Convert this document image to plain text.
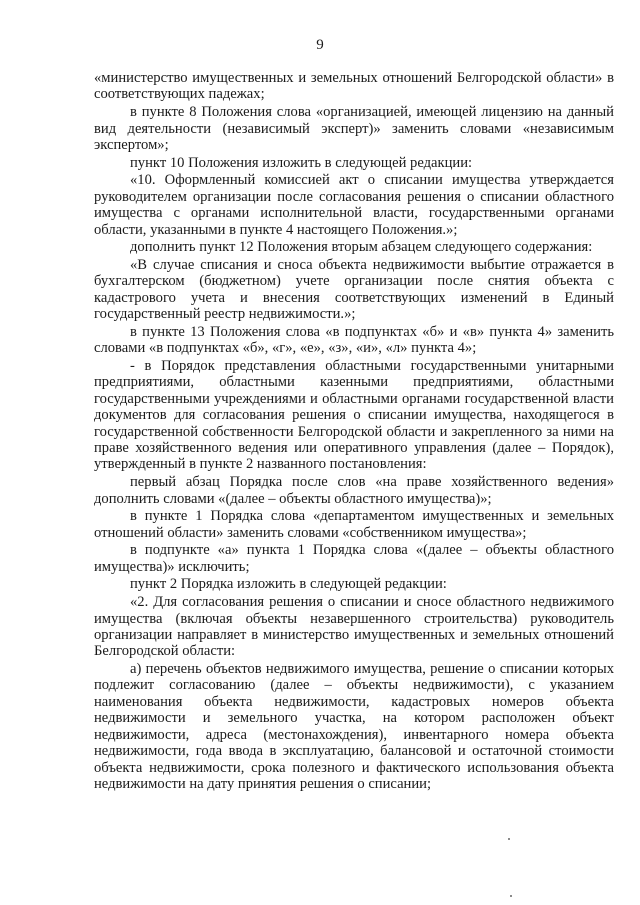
9

«министерство имущественных и земельных отношений Белгородской области» в соответствующих падежах;

в пункте 8 Положения слова «организацией, имеющей лицензию на данный вид деятельности (независимый эксперт)» заменить словами «независимым экспертом»;

пункт 10 Положения изложить в следующей редакции:

«10. Оформленный комиссией акт о списании имущества утверждается руководителем организации после согласования решения о списании областного имущества с органами исполнительной власти, государственными органами области, указанными в пункте 4 настоящего Положения.»;

дополнить пункт 12 Положения вторым абзацем следующего содержания:

«В случае списания и сноса объекта недвижимости выбытие отражается в бухгалтерском (бюджетном) учете организации после снятия объекта с кадастрового учета и внесения соответствующих изменений в Единый государственный реестр недвижимости.»;

в пункте 13 Положения слова «в подпунктах «б» и «в» пункта 4» заменить словами «в подпунктах «б», «г», «е», «з», «и», «л» пункта 4»;

- в Порядок представления областными государственными унитарными предприятиями, областными казенными предприятиями, областными государственными учреждениями и областными органами государственной власти документов для согласования решения о списании имущества, находящегося в государственной собственности Белгородской области и закрепленного за ними на праве хозяйственного ведения или оперативного управления (далее – Порядок), утвержденный в пункте 2 названного постановления:

первый абзац Порядка после слов «на праве хозяйственного ведения» дополнить словами «(далее – объекты областного имущества)»;

в пункте 1 Порядка слова «департаментом имущественных и земельных отношений области» заменить словами «собственником имущества»;

в подпункте «а» пункта 1 Порядка слова «(далее – объекты областного имущества)» исключить;

пункт 2 Порядка изложить в следующей редакции:

«2. Для согласования решения о списании и сносе областного недвижимого имущества (включая объекты незавершенного строительства) руководитель организации направляет в министерство имущественных и земельных отношений Белгородской области:

а) перечень объектов недвижимого имущества, решение о списании которых подлежит согласованию (далее – объекты недвижимости), с указанием наименования объекта недвижимости, кадастровых номеров объекта недвижимости и земельного участка, на котором расположен объект недвижимости, адреса (местонахождения), инвентарного номера объекта недвижимости, года ввода в эксплуатацию, балансовой и остаточной стоимости объекта недвижимости, срока полезного и фактического использования объекта недвижимости на дату принятия решения о списании;
